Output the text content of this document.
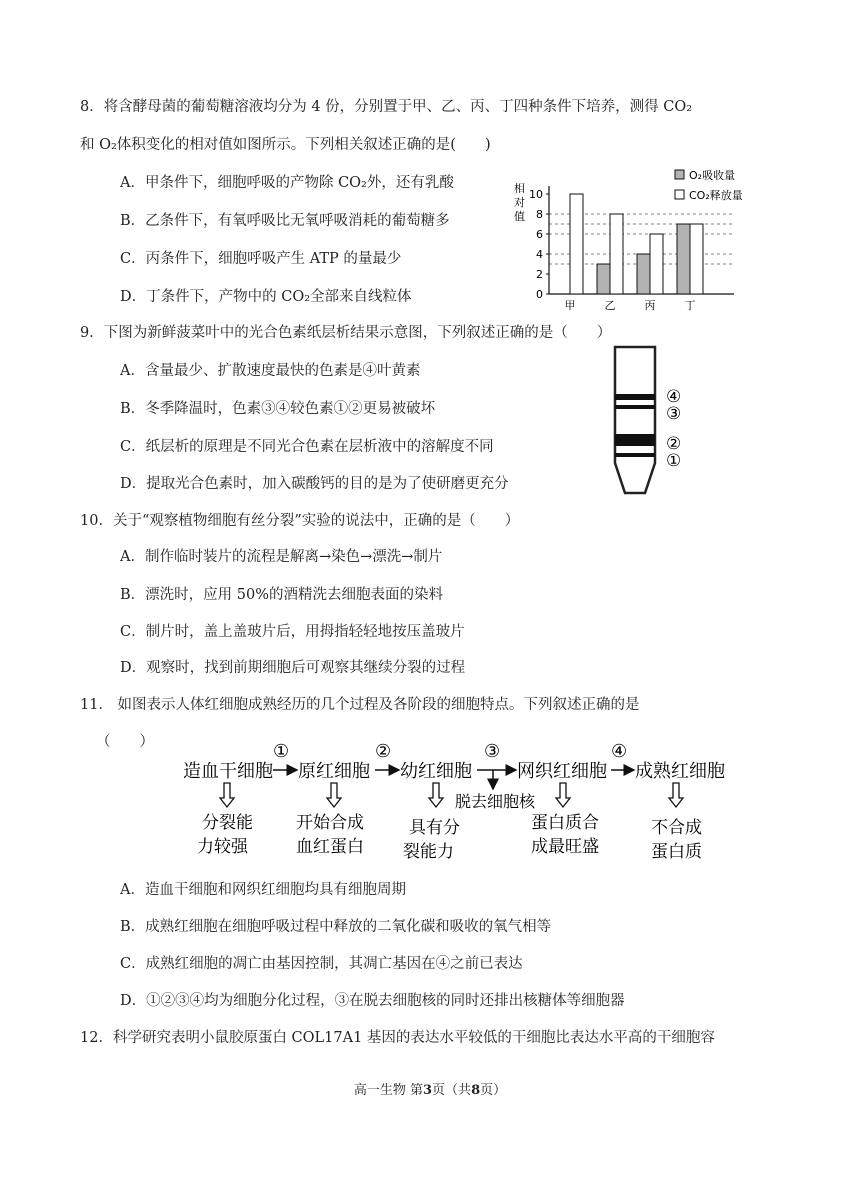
8．将含酵母菌的葡萄糖溶液均分为 4 份，分别置于甲、乙、丙、丁四种条件下培养，测得 CO₂
和 O₂体积变化的相对值如图所示。下列相关叙述正确的是(　　)
A．甲条件下，细胞呼吸的产物除 CO₂外，还有乳酸
B．乙条件下，有氧呼吸比无氧呼吸消耗的葡萄糖多
C．丙条件下，细胞呼吸产生 ATP 的量最少
D．丁条件下，产物中的 CO₂全部来自线粒体
相
对
值
0
2
4
6
8
10
甲	乙	丙	丁
O₂吸收量
CO₂释放量
9．下图为新鲜菠菜叶中的光合色素纸层析结果示意图，下列叙述正确的是（　　）
A．含量最少、扩散速度最快的色素是④叶黄素
B．冬季降温时，色素③④较色素①②更易被破坏
C．纸层析的原理是不同光合色素在层析液中的溶解度不同
D．提取光合色素时，加入碳酸钙的目的是为了使研磨更充分
④
③
②
①
10．关于“观察植物细胞有丝分裂”实验的说法中，正确的是（　　）
A．制作临时装片的流程是解离→染色→漂洗→制片
B．漂洗时，应用 50%的酒精洗去细胞表面的染料
C．制片时，盖上盖玻片后，用拇指轻轻地按压盖玻片
D．观察时，找到前期细胞后可观察其继续分裂的过程
11． 如图表示人体红细胞成熟经历的几个过程及各阶段的细胞特点。下列叙述正确的是
（　　）
造血干细胞 原红细胞 幼红细胞	网织红细胞 成熟红细胞
①	②	③	④
脱去细胞核
分裂能
力较强
开始合成
血红蛋白
具有分
裂能力
蛋白质合
成最旺盛
不合成
蛋白质
A．造血干细胞和网织红细胞均具有细胞周期
B．成熟红细胞在细胞呼吸过程中释放的二氧化碳和吸收的氧气相等
C．成熟红细胞的凋亡由基因控制，其凋亡基因在④之前已表达
D．①②③④均为细胞分化过程，③在脱去细胞核的同时还排出核糖体等细胞器
12．科学研究表明小鼠胶原蛋白 COL17A1 基因的表达水平较低的干细胞比表达水平高的干细胞容
高一生物 第3页（共8页）
